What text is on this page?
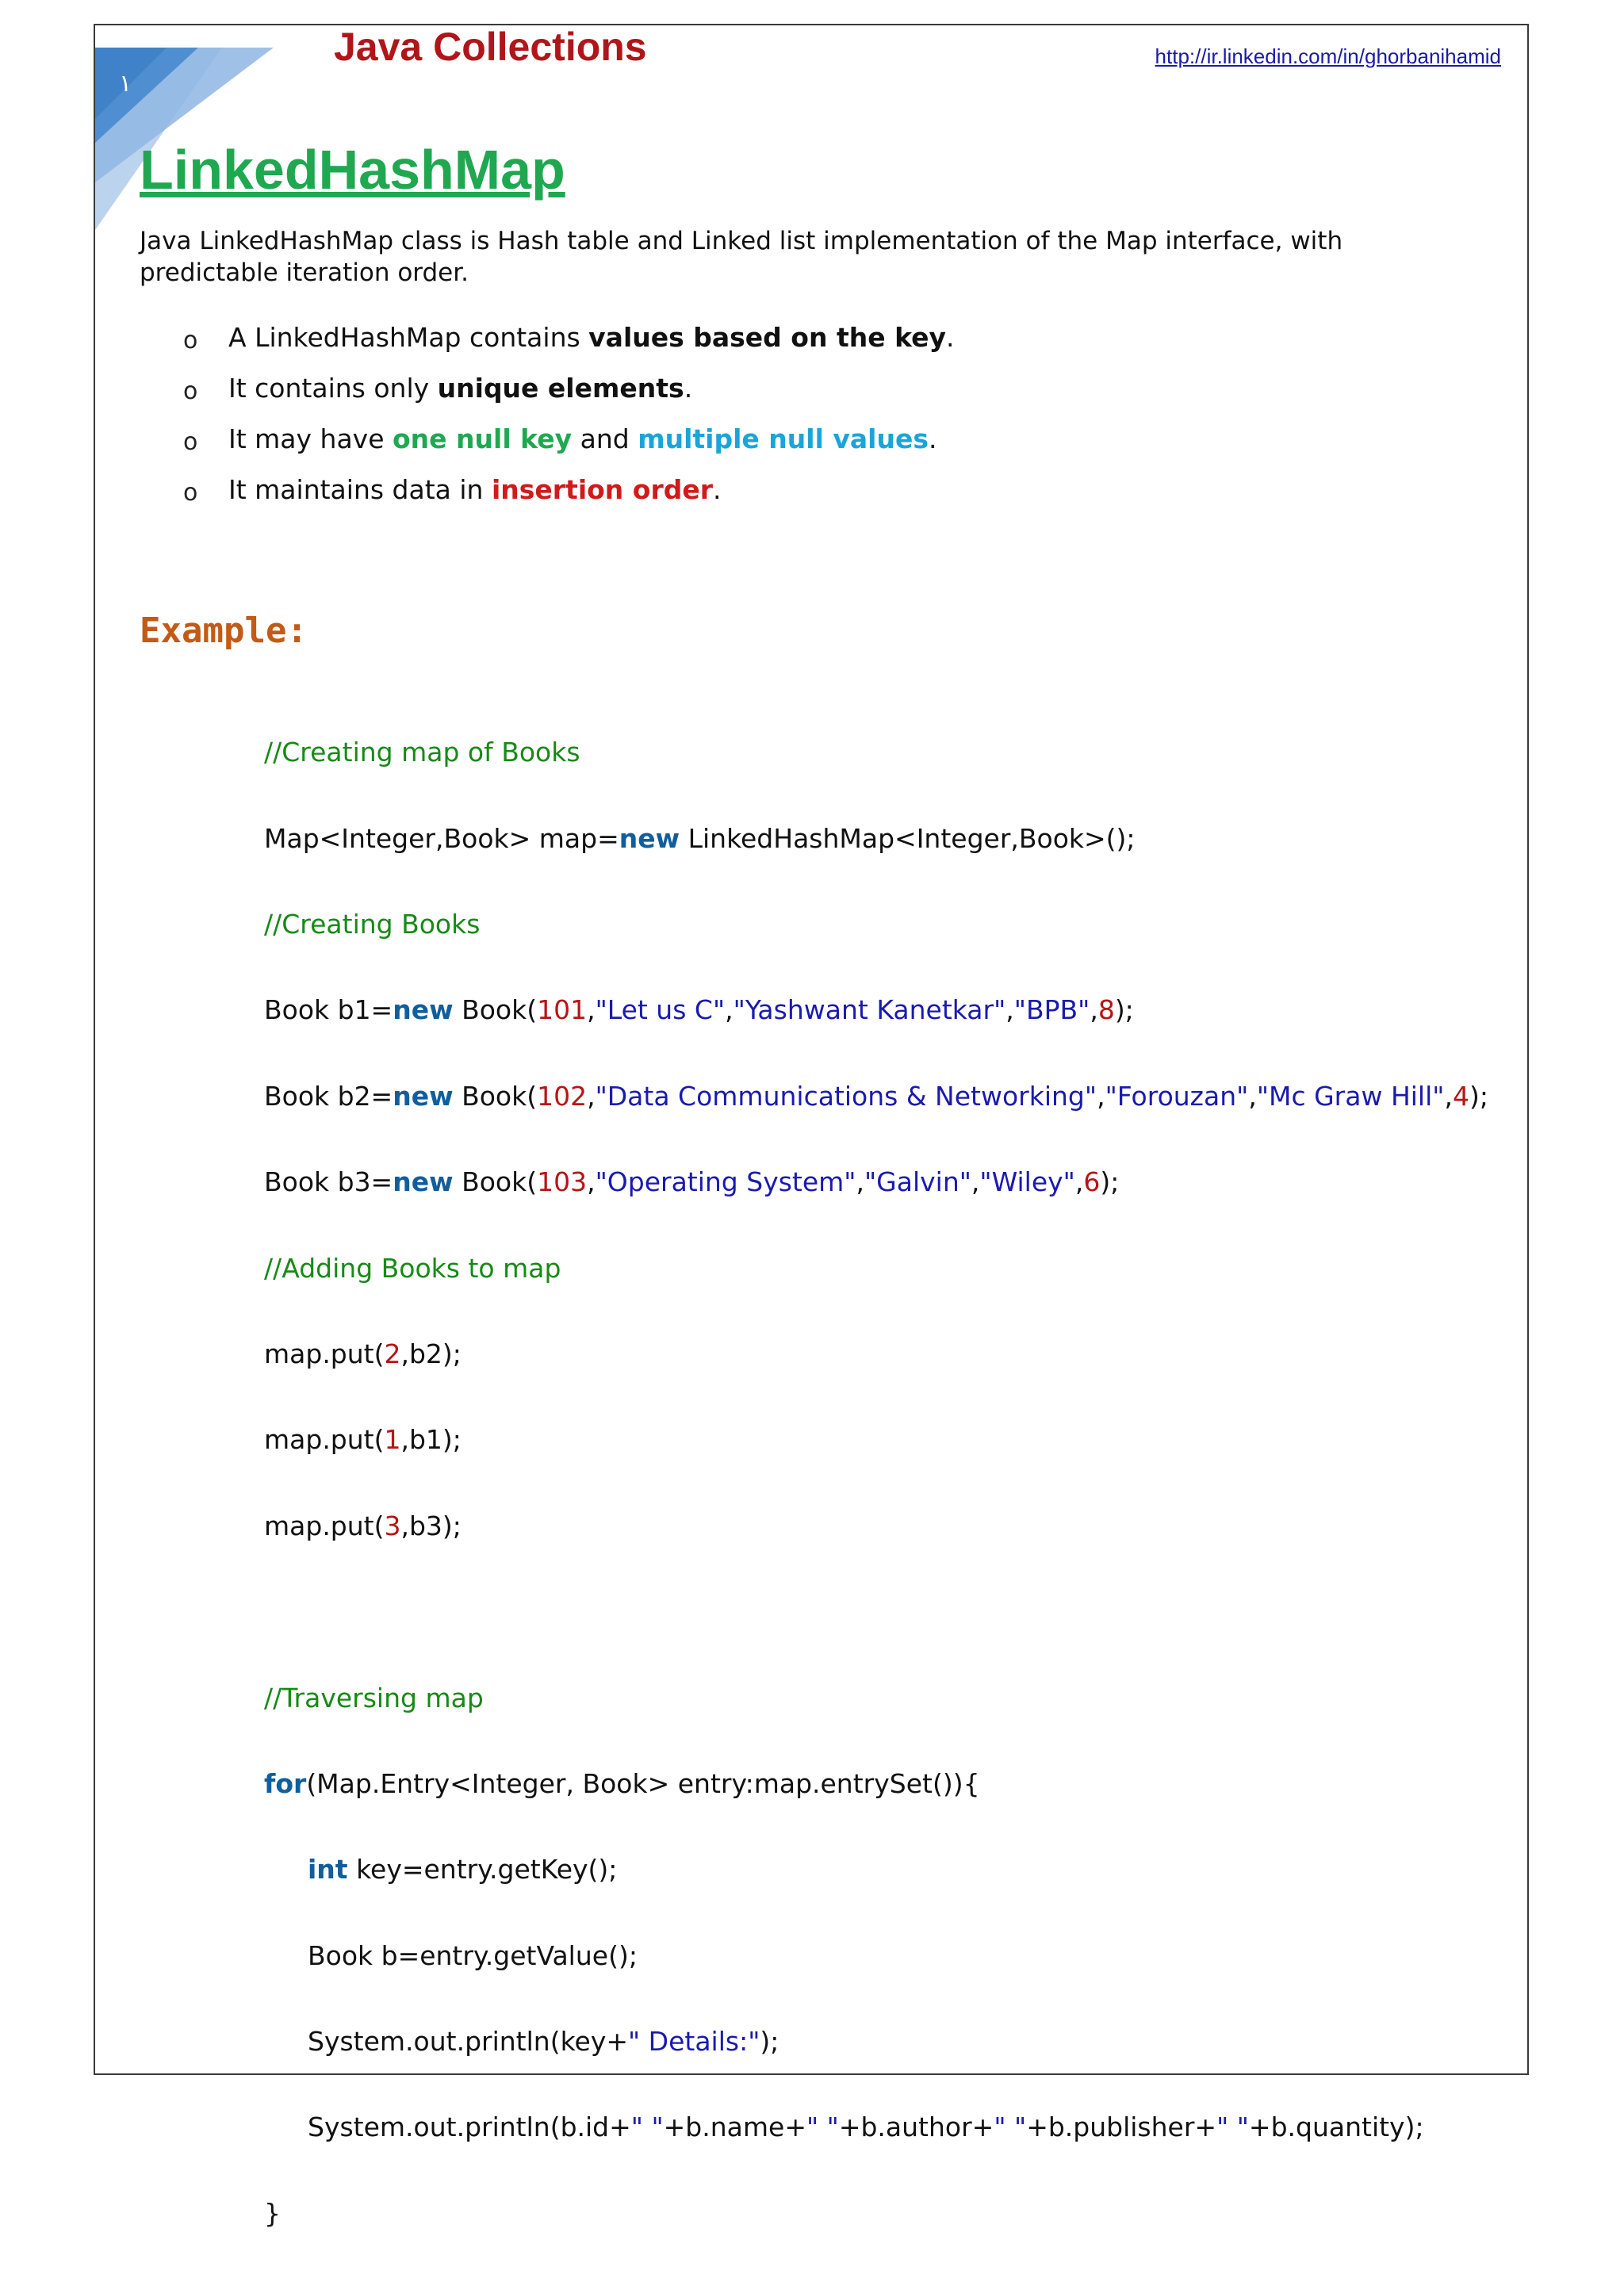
١
Java Collections	http://ir.linkedin.com/in/ghorbanihamid
LinkedHashMap
Java LinkedHashMap class is Hash table and Linked list implementation of the Map interface, with predictable iteration order.
o A LinkedHashMap contains values based on the key.
o It contains only unique elements.
o It may have one null key and multiple null values.
o It maintains data in insertion order.
Example:

//Creating map of Books

Map<Integer,Book> map=new LinkedHashMap<Integer,Book>();

//Creating Books

Book b1=new Book(101,"Let us C","Yashwant Kanetkar","BPB",8);

Book b2=new Book(102,"Data Communications & Networking","Forouzan","Mc Graw Hill",4);

Book b3=new Book(103,"Operating System","Galvin","Wiley",6);

//Adding Books to map

map.put(2,b2);

map.put(1,b1);

map.put(3,b3);

//Traversing map

for(Map.Entry<Integer, Book> entry:map.entrySet()){

int key=entry.getKey();

Book b=entry.getValue();

System.out.println(key+" Details:");

System.out.println(b.id+" "+b.name+" "+b.author+" "+b.publisher+" "+b.quantity);

}
